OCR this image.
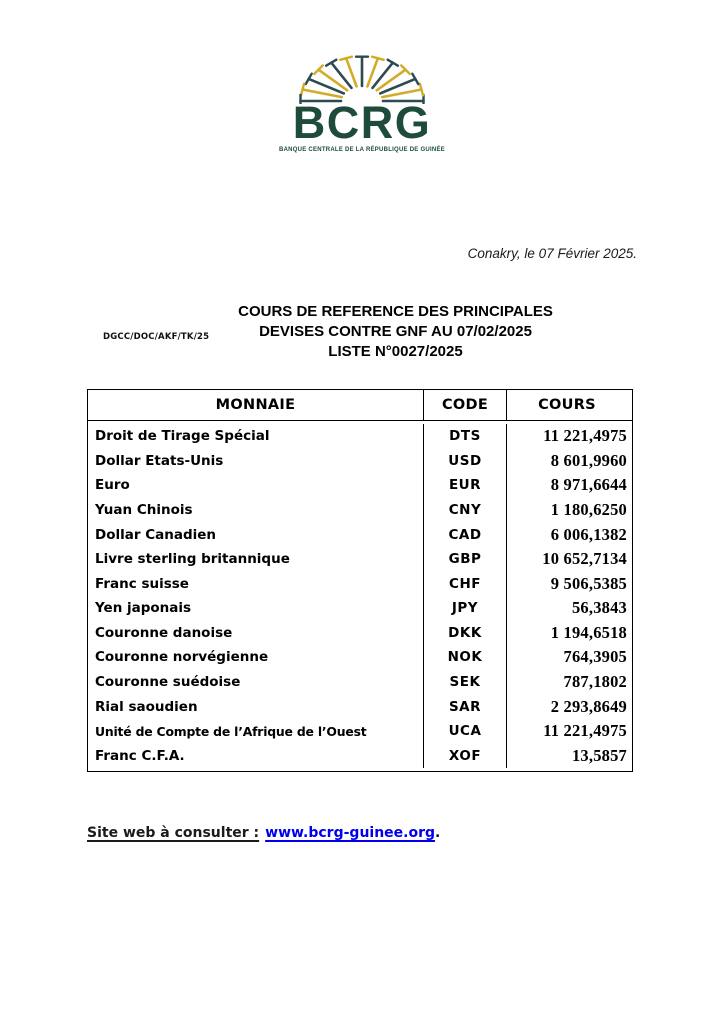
BCRG
BANQUE CENTRALE DE LA RÉPUBLIQUE DE GUINÉE
Conakry, le 07 Février 2025.
DGCC/DOC/AKF/TK/25
COURS DE REFERENCE DES PRINCIPALES
DEVISES CONTRE GNF AU 07/02/2025
LISTE N°0027/2025
MONNAIE	CODE	COURS
Droit de Tirage Spécial	DTS	11 221,4975
Dollar Etats-Unis	USD	8 601,9960
Euro	EUR	8 971,6644
Yuan Chinois	CNY	1 180,6250
Dollar Canadien	CAD	6 006,1382
Livre sterling britannique	GBP	10 652,7134
Franc suisse	CHF	9 506,5385
Yen japonais	JPY	56,3843
Couronne danoise	DKK	1 194,6518
Couronne norvégienne	NOK	764,3905
Couronne suédoise	SEK	787,1802
Rial saoudien	SAR	2 293,8649
Unité de Compte de l’Afrique de l’Ouest	UCA	11 221,4975
Franc C.F.A.	XOF	13,5857
Site web à consulter : www.bcrg-guinee.org.
